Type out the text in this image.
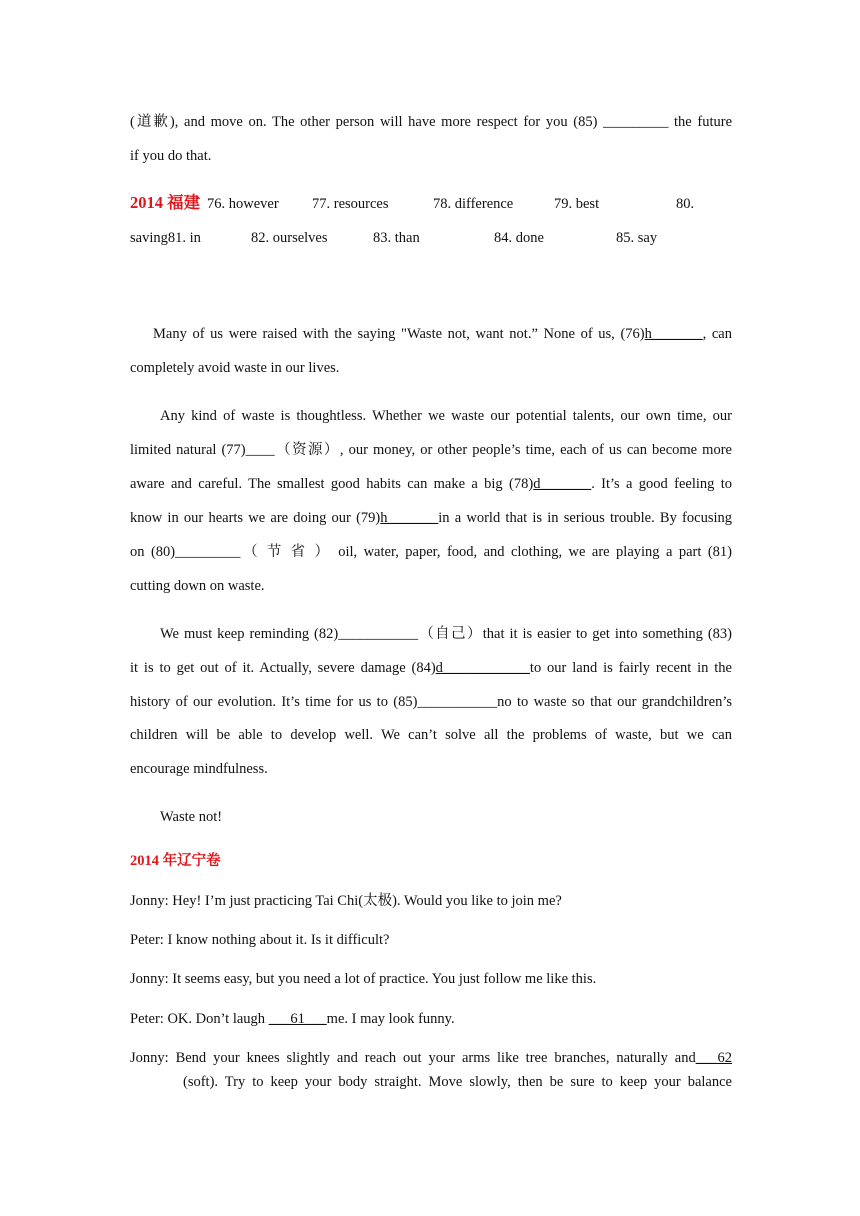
(道歉), and move on. The other person will have more respect for you (85) _________ the future
if you do that.
2014 福建 76. however 77. resources	78. difference	79. best	80.
saving81. in	82. ourselves	83. than	84. done	85. say
Many of us were raised with the saying "Waste not, want not.” None of us, (76)h_______, can
completely avoid waste in our lives.
Any kind of waste is thoughtless. Whether we waste our potential talents, our own time, our
limited natural (77)____（资源）, our money, or other people’s time, each of us can become more
aware and careful. The smallest good habits can make a big (78)d_______. It’s a good feeling to
know in our hearts we are doing our (79)h_______in a world that is in serious trouble. By focusing
on (80)_________（ 节 省 ） oil, water, paper, food, and clothing, we are playing a part (81)
cutting down on waste.
We must keep reminding (82)___________（自己）that it is easier to get into something (83)
it is to get out of it. Actually, severe damage (84)d____________to our land is fairly recent in the
history of our evolution. It’s time for us to (85)___________no to waste so that our grandchildren’s
children will be able to develop well. We can’t solve all the problems of waste, but we can
encourage mindfulness.
Waste not!
2014 年辽宁卷
Jonny: Hey! I’m just practicing Tai Chi(太极). Would you like to join me?
Peter: I know nothing about it. Is it difficult?
Jonny: It seems easy, but you need a lot of practice. You just follow me like this.
Peter: OK. Don’t laugh ___61___me. I may look funny.
Jonny: Bend your knees slightly and reach out your arms like tree branches, naturally and___62
(soft). Try to keep your body straight. Move slowly, then be sure to keep your balance
